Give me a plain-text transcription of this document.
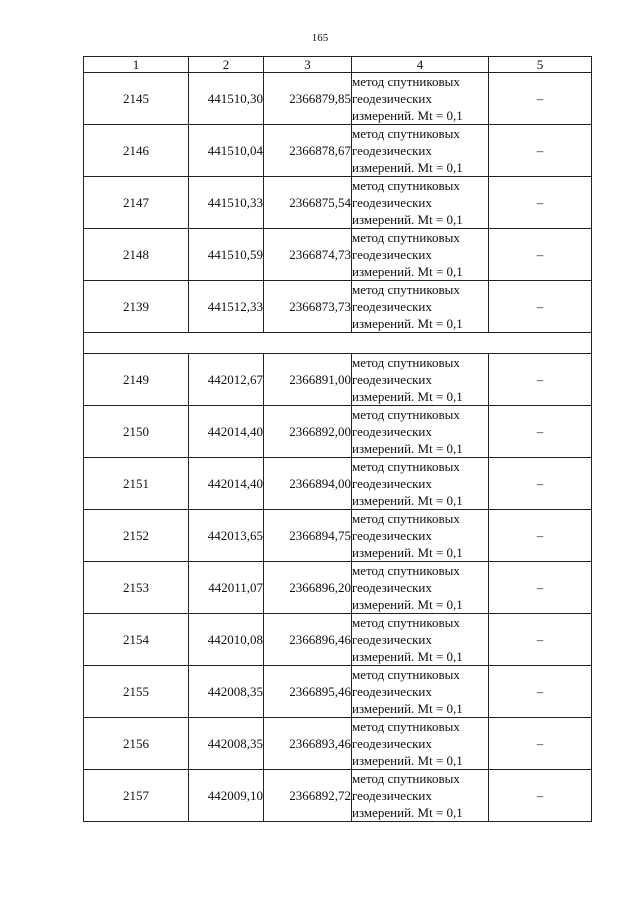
165
1	2	3	4	5
2145	441510,30	2366879,85	метод спутниковых
геодезических
измерений. Mt = 0,1	–
2146	441510,04	2366878,67	метод спутниковых
геодезических
измерений. Mt = 0,1	–
2147	441510,33	2366875,54	метод спутниковых
геодезических
измерений. Mt = 0,1	–
2148	441510,59	2366874,73	метод спутниковых
геодезических
измерений. Mt = 0,1	–
2139	441512,33	2366873,73	метод спутниковых
геодезических
измерений. Mt = 0,1	–

2149	442012,67	2366891,00	метод спутниковых
геодезических
измерений. Mt = 0,1	–
2150	442014,40	2366892,00	метод спутниковых
геодезических
измерений. Mt = 0,1	–
2151	442014,40	2366894,00	метод спутниковых
геодезических
измерений. Mt = 0,1	–
2152	442013,65	2366894,75	метод спутниковых
геодезических
измерений. Mt = 0,1	–
2153	442011,07	2366896,20	метод спутниковых
геодезических
измерений. Mt = 0,1	–
2154	442010,08	2366896,46	метод спутниковых
геодезических
измерений. Mt = 0,1	–
2155	442008,35	2366895,46	метод спутниковых
геодезических
измерений. Mt = 0,1	–
2156	442008,35	2366893,46	метод спутниковых
геодезических
измерений. Mt = 0,1	–
2157	442009,10	2366892,72	метод спутниковых
геодезических
измерений. Mt = 0,1	–
